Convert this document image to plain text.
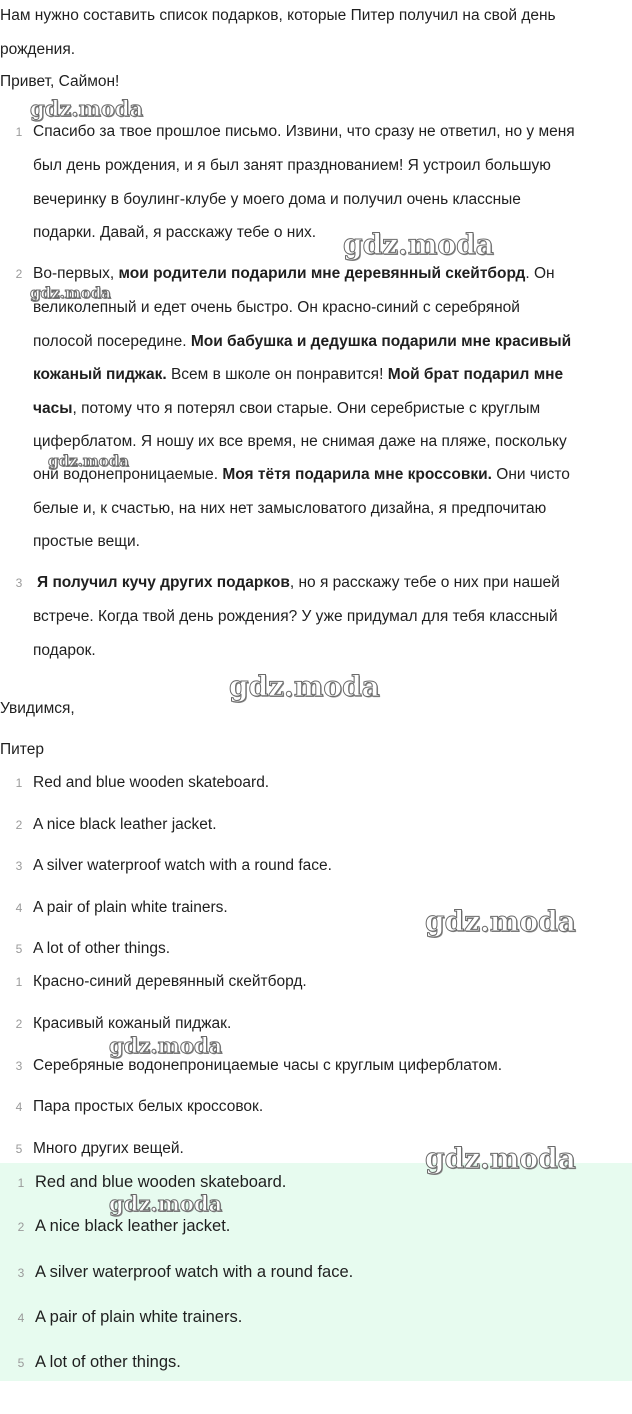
Нам нужно составить список подарков, которые Питер получил на свой день
рождения.
Привет, Саймон!
1 Спасибо за твое прошлое письмо. Извини, что сразу не ответил, но у меня
был день рождения, и я был занят празднованием! Я устроил большую
вечеринку в боулинг-клубе у моего дома и получил очень классные
подарки. Давай, я расскажу тебе о них.
2 Во-первых, мои родители подарили мне деревянный скейтборд. Он
великолепный и едет очень быстро. Он красно-синий с серебряной
полосой посередине. Мои бабушка и дедушка подарили мне красивый
кожаный пиджак. Всем в школе он понравится! Мой брат подарил мне
часы, потому что я потерял свои старые. Они серебристые с круглым
циферблатом. Я ношу их все время, не снимая даже на пляже, поскольку
они водонепроницаемые. Моя тётя подарила мне кроссовки. Они чисто
белые и, к счастью, на них нет замысловатого дизайна, я предпочитаю
простые вещи.
3 Я получил кучу других подарков, но я расскажу тебе о них при нашей
встрече. Когда твой день рождения? У уже придумал для тебя классный
подарок.
Увидимся,
Питер
1 Red and blue wooden skateboard.
2 A nice black leather jacket.
3 A silver waterproof watch with a round face.
4 A pair of plain white trainers.
5 A lot of other things.
1 Красно-синий деревянный скейтборд.
2 Красивый кожаный пиджак.
3 Серебряные водонепроницаемые часы с круглым циферблатом.
4 Пара простых белых кроссовок.
5 Много других вещей.
1 Red and blue wooden skateboard.
2 A nice black leather jacket.
3 A silver waterproof watch with a round face.
4 A pair of plain white trainers.
5 A lot of other things.
gdz.moda
gdz.moda
gdz.moda
gdz.moda
gdz.moda
gdz.moda
gdz.moda
gdz.moda
gdz.moda
